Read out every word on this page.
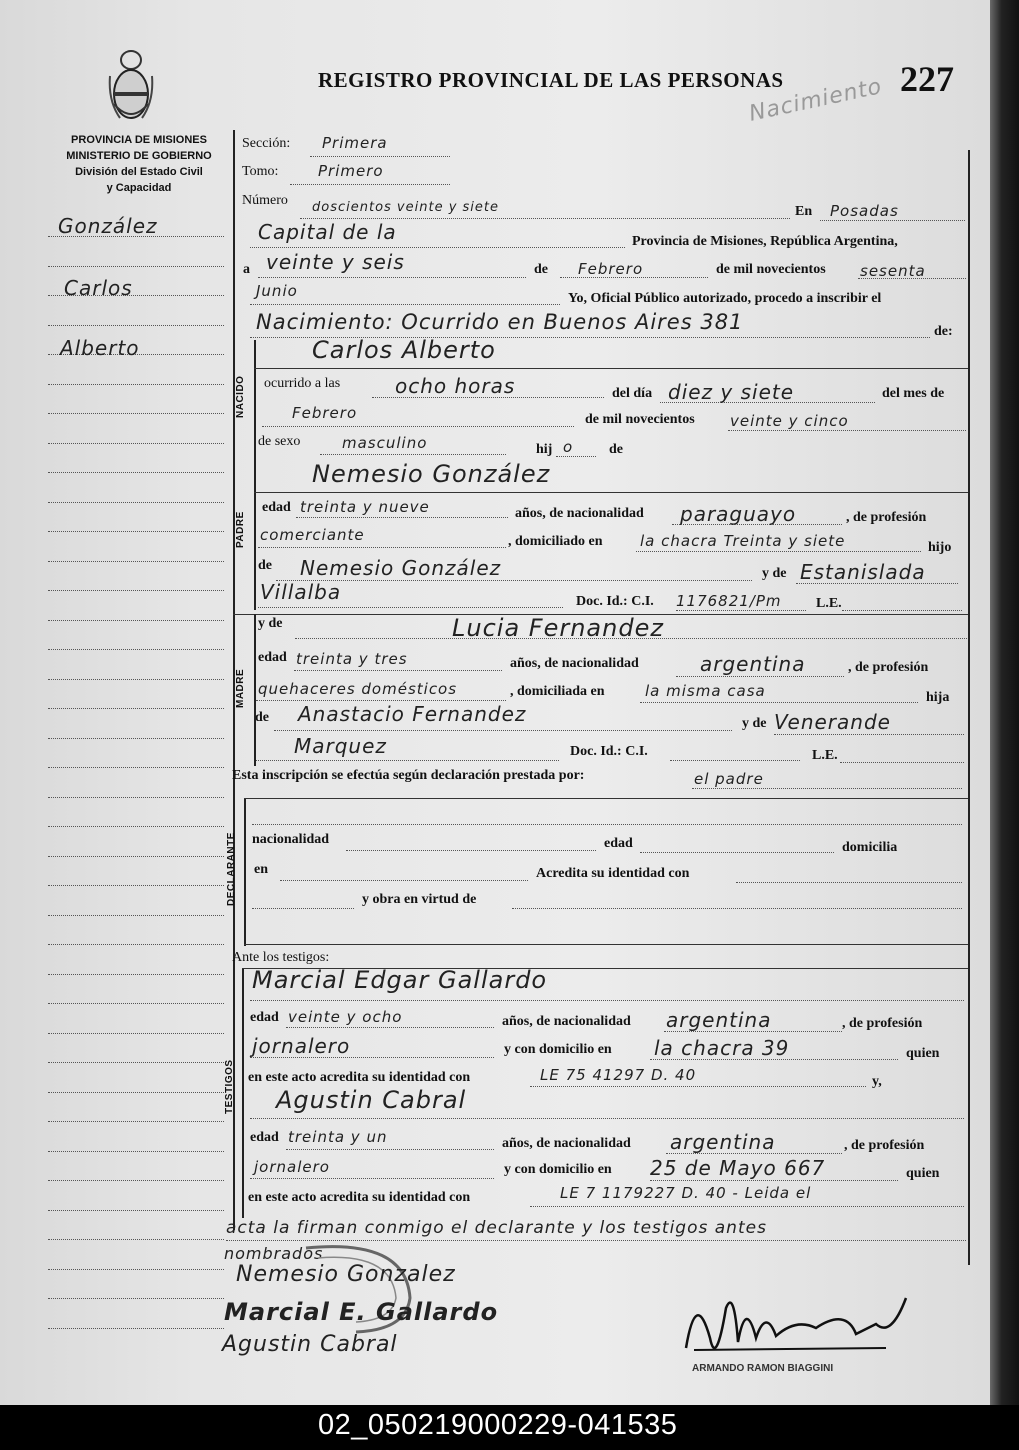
REGISTRO PROVINCIAL DE LAS PERSONAS	227
Nacimiento
PROVINCIA DE MISIONES
MINISTERIO DE GOBIERNO
División del Estado Civil
y Capacidad
González
Carlos
Alberto
Sección: Primera
Tomo:	Primero
Número doscientos veinte y siete	En Posadas
Capital de la	Provincia de Misiones, República Argentina,
a veinte y seis	de Febrero	de mil novecientos sesenta
Junio	Yo, Oficial Público autorizado, procedo a inscribir el
Nacimiento: Ocurrido en Buenos Aires 381	de:
NACIDO
Carlos Alberto
ocurrido a las	ocho horas	del día diez y siete	del mes de
Febrero	de mil novecientos veinte y cinco
de sexo	masculino	hij o	de
PADRE
Nemesio González
edad treinta y nueve	años, de nacionalidad paraguayo	, de profesión
comerciante	, domiciliado en la chacra Treinta y siete	hijo
de Nemesio González	y de Estanislada
Villalba	Doc. Id.: C.I. 1176821/Pm L.E.
MADRE
y de	Lucia Fernandez
edad treinta y tres	años, de nacionalidad	argentina	, de profesión
quehaceres domésticos	, domiciliada en	la misma casa	hija
de Anastacio Fernandez	y de Venerande
Marquez	Doc. Id.: C.I.	L.E.
Esta inscripción se efectúa según declaración prestada por:	el padre
DECLARANTE nacionalidad	edad	domicilia
en	Acredita su identidad con
y obra en virtud de
Ante los testigos:
TESTIGOS
Marcial Edgar Gallardo
edad veinte y ocho	años, de nacionalidad argentina	, de profesión
jornalero	y con domicilio en la chacra 39	quien
en este acto acredita su identidad con	LE 75 41297 D. 40	y,
Agustin Cabral
edad treinta y un	años, de nacionalidad argentina	, de profesión
jornalero	y con domicilio en 25 de Mayo 667	quien
en este acto acredita su identidad con	LE 7 1179227 D. 40 - Leida el
acta la firman conmigo el declarante y los testigos antes
nombrados
Nemesio Gonzalez
Marcial E. Gallardo
Agustin Cabral
ARMANDO RAMON BIAGGINI
02_050219000229-041535
